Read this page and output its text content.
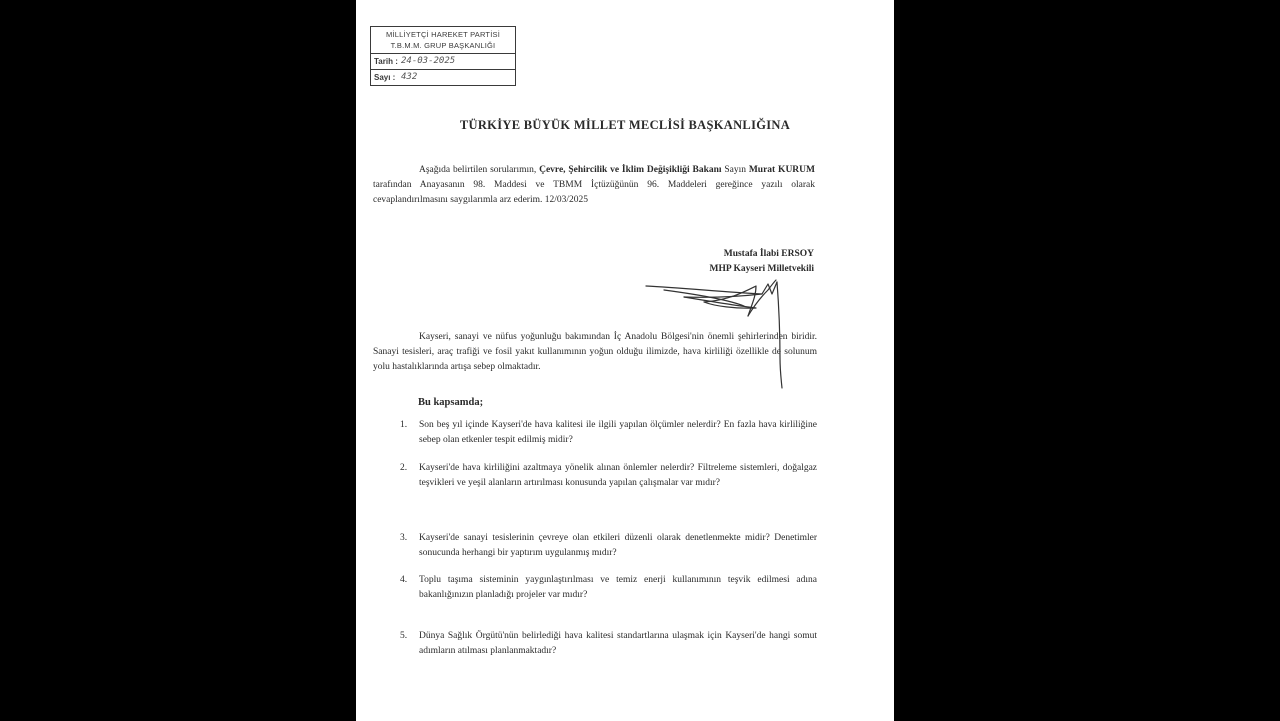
MİLLİYETÇİ HAREKET PARTİSİ
T.B.M.M. GRUP BAŞKANLIĞI
Tarih : 24-03-2025
Sayı : 432
TÜRKİYE BÜYÜK MİLLET MECLİSİ BAŞKANLIĞINA
Aşağıda belirtilen sorularımın, Çevre, Şehircilik ve İklim Değişikliği Bakanı Sayın Murat KURUM tarafından Anayasanın 98. Maddesi ve TBMM İçtüzüğünün 96. Maddeleri gereğince yazılı olarak cevaplandırılmasını saygılarımla arz ederim. 12/03/2025
Mustafa İlabi ERSOY
MHP Kayseri Milletvekili
Kayseri, sanayi ve nüfus yoğunluğu bakımından İç Anadolu Bölgesi'nin önemli şehirlerinden biridir. Sanayi tesisleri, araç trafiği ve fosil yakıt kullanımının yoğun olduğu ilimizde, hava kirliliği özellikle de solunum yolu hastalıklarında artışa sebep olmaktadır.
Bu kapsamda;
1. Son beş yıl içinde Kayseri'de hava kalitesi ile ilgili yapılan ölçümler nelerdir? En fazla hava kirliliğine sebep olan etkenler tespit edilmiş midir?
2. Kayseri'de hava kirliliğini azaltmaya yönelik alınan önlemler nelerdir? Filtreleme sistemleri, doğalgaz teşvikleri ve yeşil alanların artırılması konusunda yapılan çalışmalar var mıdır?
3. Kayseri'de sanayi tesislerinin çevreye olan etkileri düzenli olarak denetlenmekte midir? Denetimler sonucunda herhangi bir yaptırım uygulanmış mıdır?
4. Toplu taşıma sisteminin yaygınlaştırılması ve temiz enerji kullanımının teşvik edilmesi adına bakanlığınızın planladığı projeler var mıdır?
5. Dünya Sağlık Örgütü'nün belirlediği hava kalitesi standartlarına ulaşmak için Kayseri'de hangi somut adımların atılması planlanmaktadır?
